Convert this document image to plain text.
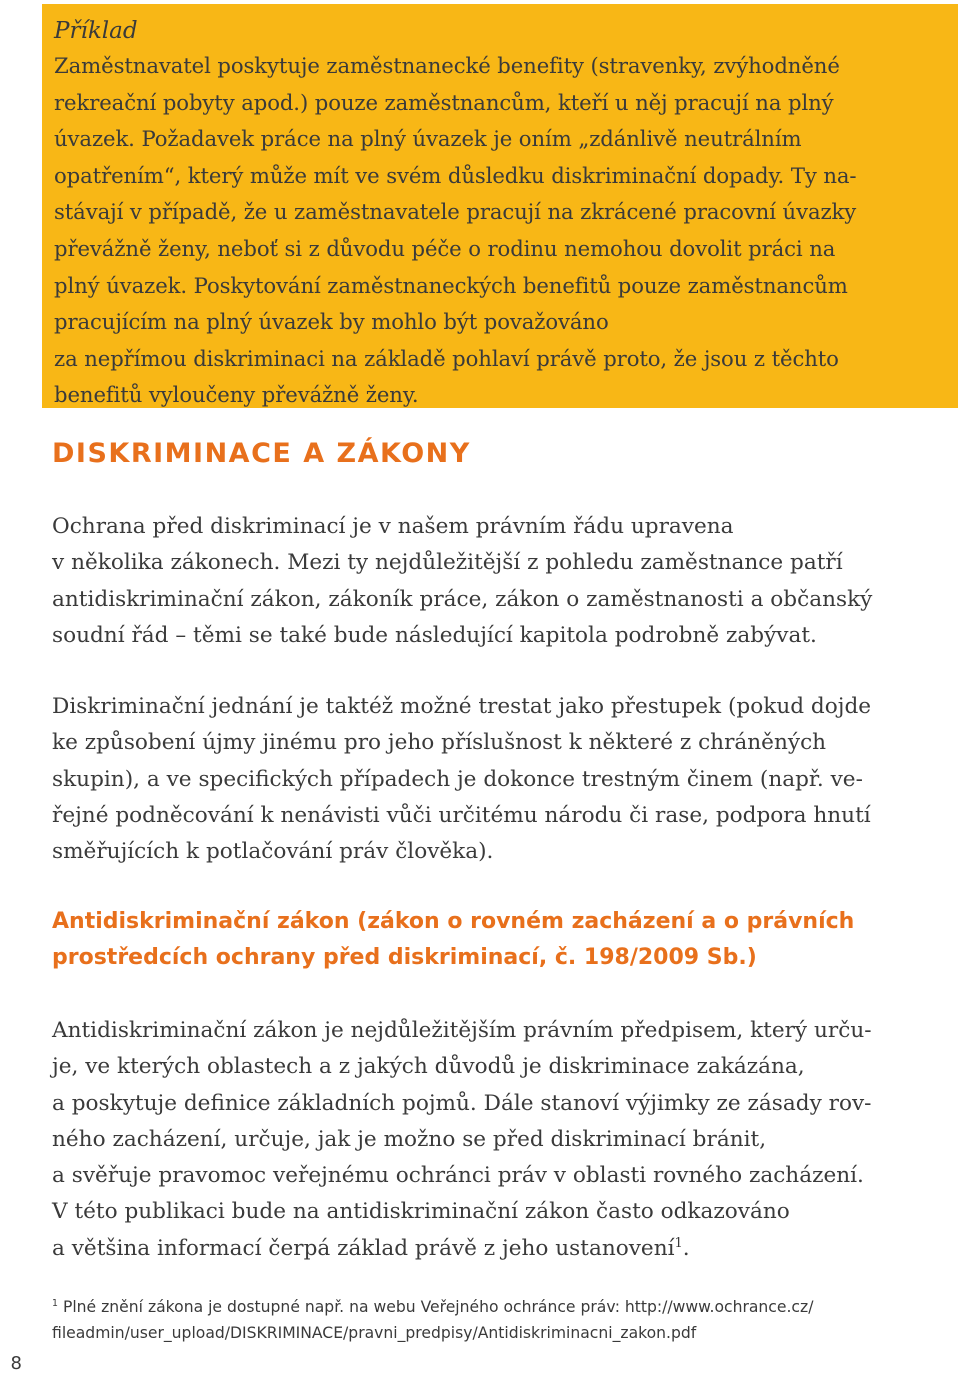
Příklad

Zaměstnavatel poskytuje zaměstnanecké benefity (stravenky, zvýhodněné
rekreační pobyty apod.) pouze zaměstnancům, kteří u něj pracují na plný
úvazek. Požadavek práce na plný úvazek je oním „zdánlivě neutrálním
opatřením“, který může mít ve svém důsledku diskriminační dopady. Ty na-
stávají v případě, že u zaměstnavatele pracují na zkrácené pracovní úvazky
převážně ženy, neboť si z důvodu péče o rodinu nemohou dovolit práci na
plný úvazek. Poskytování zaměstnaneckých benefitů pouze zaměstnancům
pracujícím na plný úvazek by mohlo být považováno
za nepřímou diskriminaci na základě pohlaví právě proto, že jsou z těchto
benefitů vyloučeny převážně ženy.

DISKRIMINACE A ZÁKONY

Ochrana před diskriminací je v našem právním řádu upravena
v několika zákonech. Mezi ty nejdůležitější z pohledu zaměstnance patří
antidiskriminační zákon, zákoník práce, zákon o zaměstnanosti a občanský
soudní řád – těmi se také bude následující kapitola podrobně zabývat.

Diskriminační jednání je taktéž možné trestat jako přestupek (pokud dojde
ke způsobení újmy jinému pro jeho příslušnost k některé z chráněných
skupin), a ve specifických případech je dokonce trestným činem (např. ve-
řejné podněcování k nenávisti vůči určitému národu či rase, podpora hnutí
směřujících k potlačování práv člověka).

Antidiskriminační zákon (zákon o rovném zacházení a o právních
prostředcích ochrany před diskriminací, č. 198/2009 Sb.)

Antidiskriminační zákon je nejdůležitějším právním předpisem, který urču-
je, ve kterých oblastech a z jakých důvodů je diskriminace zakázána,
a poskytuje definice základních pojmů. Dále stanoví výjimky ze zásady rov-
ného zacházení, určuje, jak je možno se před diskriminací bránit,
a svěřuje pravomoc veřejnému ochránci práv v oblasti rovného zacházení.
V této publikaci bude na antidiskriminační zákon často odkazováno
a většina informací čerpá základ právě z jeho ustanovení$^1$.

$^1$ Plné znění zákona je dostupné např. na webu Veřejného ochránce práv: http://www.ochrance.cz/
fileadmin/user_upload/DISKRIMINACE/pravni_predpisy/Antidiskriminacni_zakon.pdf

8
